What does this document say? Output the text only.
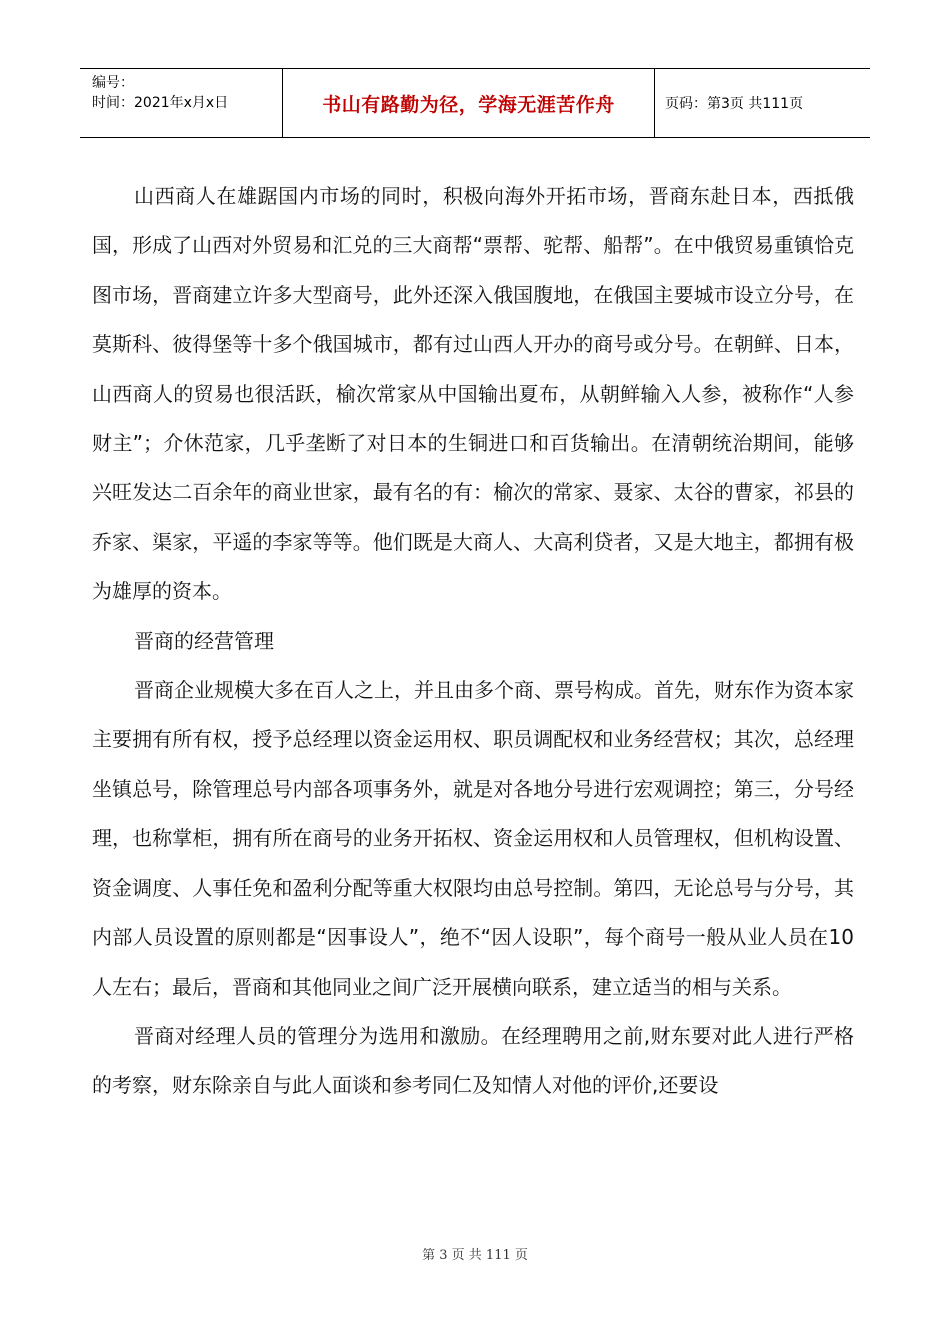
编号：
时间：2021年x月x日	书山有路勤为径，学海无涯苦作舟	页码：第3页 共111页

山西商人在雄踞国内市场的同时，积极向海外开拓市场，晋商东赴日本，西抵俄国，形成了山西对外贸易和汇兑的三大商帮“票帮、驼帮、船帮”。在中俄贸易重镇恰克图市场，晋商建立许多大型商号，此外还深入俄国腹地，在俄国主要城市设立分号，在莫斯科、彼得堡等十多个俄国城市，都有过山西人开办的商号或分号。在朝鲜、日本，山西商人的贸易也很活跃，榆次常家从中国输出夏布，从朝鲜输入人参，被称作“人参财主”；介休范家，几乎垄断了对日本的生铜进口和百货输出。在清朝统治期间，能够兴旺发达二百余年的商业世家，最有名的有：榆次的常家、聂家、太谷的曹家，祁县的乔家、渠家，平遥的李家等等。他们既是大商人、大高利贷者，又是大地主，都拥有极为雄厚的资本。

晋商的经营管理

晋商企业规模大多在百人之上，并且由多个商、票号构成。首先，财东作为资本家主要拥有所有权，授予总经理以资金运用权、职员调配权和业务经营权；其次，总经理坐镇总号，除管理总号内部各项事务外，就是对各地分号进行宏观调控；第三，分号经理，也称掌柜，拥有所在商号的业务开拓权、资金运用权和人员管理权，但机构设置、资金调度、人事任免和盈利分配等重大权限均由总号控制。第四，无论总号与分号，其内部人员设置的原则都是“因事设人”，绝不“因人设职”，每个商号一般从业人员在10人左右；最后，晋商和其他同业之间广泛开展横向联系，建立适当的相与关系。

晋商对经理人员的管理分为选用和激励。在经理聘用之前,财东要对此人进行严格的考察，财东除亲自与此人面谈和参考同仁及知情人对他的评价,还要设

第 3 页 共 111 页
